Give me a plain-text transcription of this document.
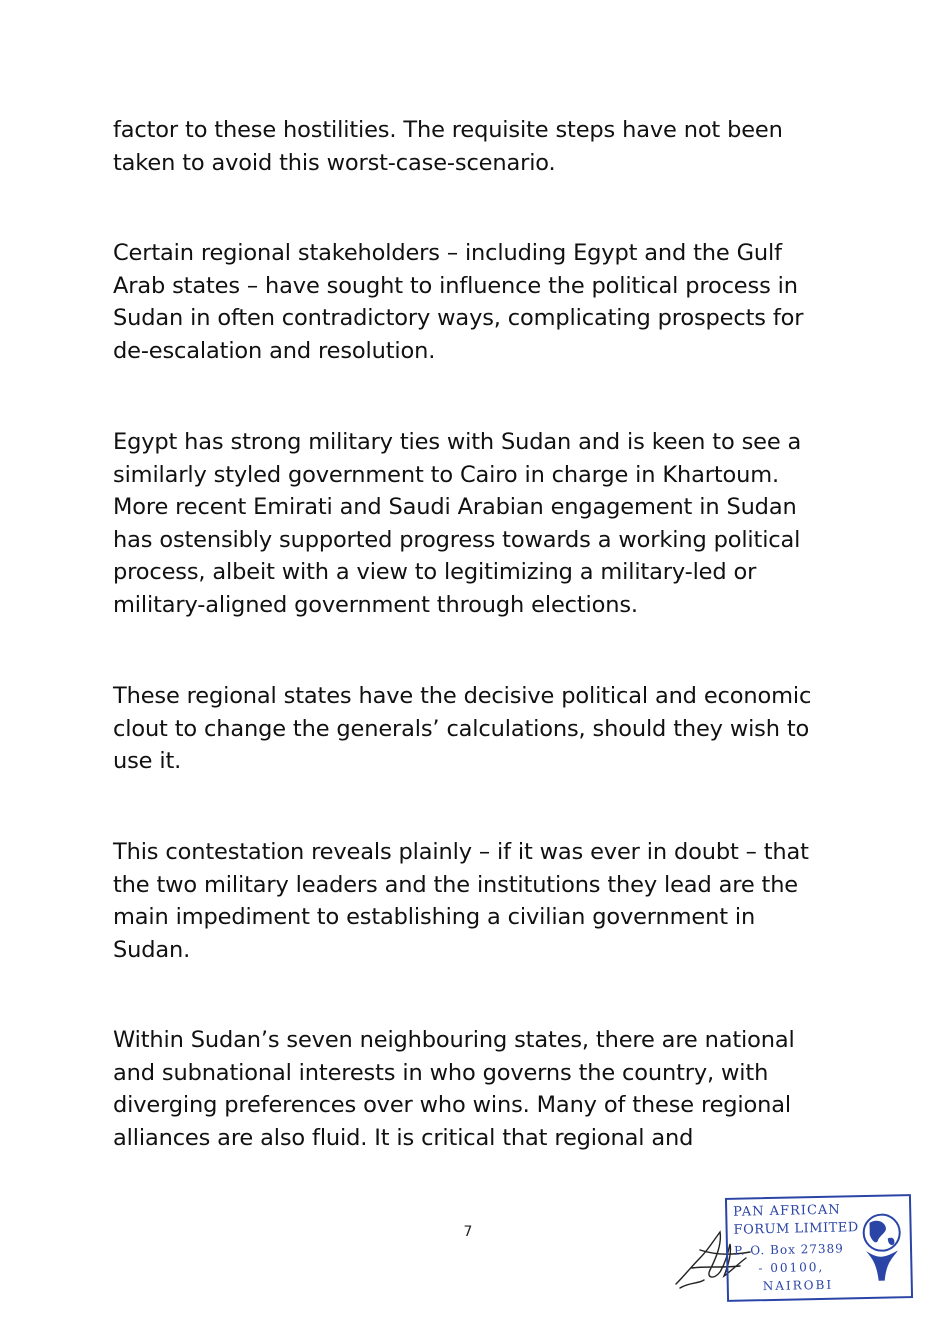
factor to these hostilities. The requisite steps have not been taken to avoid this worst-case-scenario.

Certain regional stakeholders – including Egypt and the Gulf Arab states – have sought to influence the political process in Sudan in often contradictory ways, complicating prospects for de-escalation and resolution.

Egypt has strong military ties with Sudan and is keen to see a similarly styled government to Cairo in charge in Khartoum. More recent Emirati and Saudi Arabian engagement in Sudan has ostensibly supported progress towards a working political process, albeit with a view to legitimizing a military-led or military-aligned government through elections.

These regional states have the decisive political and economic clout to change the generals’ calculations, should they wish to use it.

This contestation reveals plainly – if it was ever in doubt – that the two military leaders and the institutions they lead are the main impediment to establishing a civilian government in Sudan.

Within Sudan’s seven neighbouring states, there are national and subnational interests in who governs the country, with diverging preferences over who wins. Many of these regional alliances are also fluid. It is critical that regional and

7
PAN AFRICAN
FORUM LIMITED
P. O. Box 27389
- 00100,
NAIROBI
